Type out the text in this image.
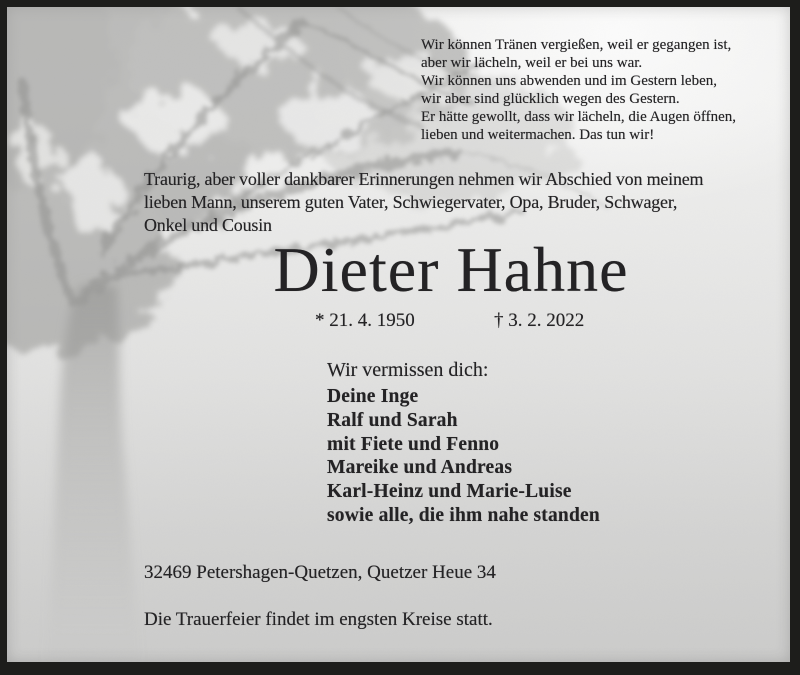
Wir können Tränen vergießen, weil er gegangen ist,
aber wir lächeln, weil er bei uns war.
Wir können uns abwenden und im Gestern leben,
wir aber sind glücklich wegen des Gestern.
Er hätte gewollt, dass wir lächeln, die Augen öffnen,
lieben und weitermachen. Das tun wir!
Traurig, aber voller dankbarer Erinnerungen nehmen wir Abschied von meinem
lieben Mann, unserem guten Vater, Schwiegervater, Opa, Bruder, Schwager,
Onkel und Cousin
Dieter Hahne
* 21. 4. 1950	† 3. 2. 2022
Wir vermissen dich:
Deine Inge
Ralf und Sarah
mit Fiete und Fenno
Mareike und Andreas
Karl-Heinz und Marie-Luise
sowie alle, die ihm nahe standen
32469 Petershagen-Quetzen, Quetzer Heue 34
Die Trauerfeier findet im engsten Kreise statt.
